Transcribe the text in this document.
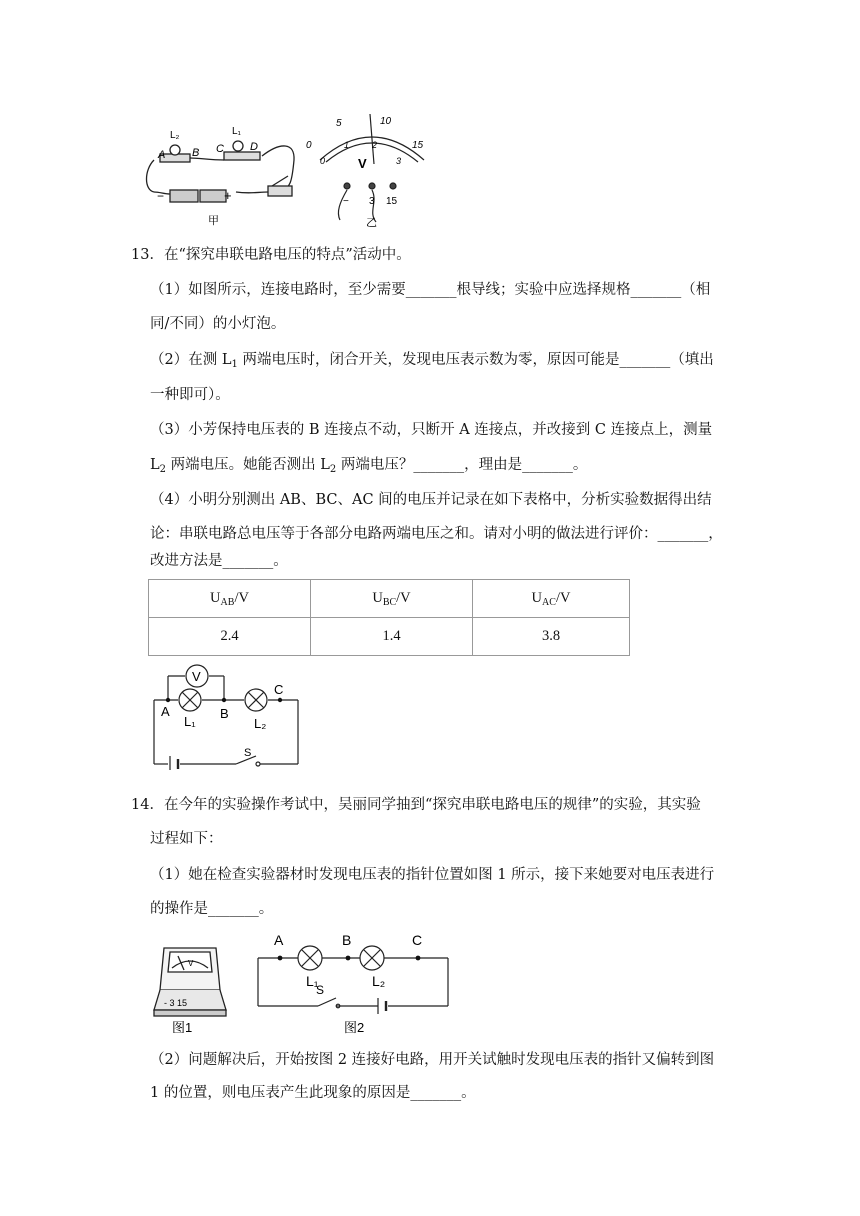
L₂	L₁
A B C D
−	+
甲
0
5	10
15
0
1	2
3
V
− 3 15
乙
13．在“探究串联电路电压的特点”活动中。
（1）如图所示，连接电路时，至少需要_______根导线；实验中应选择规格_______（相
同/不同）的小灯泡。
（2）在测 $L_1$ 两端电压时，闭合开关，发现电压表示数为零，原因可能是_______（填出
一种即可）。
（3）小芳保持电压表的 B 连接点不动，只断开 A 连接点，并改接到 C 连接点上，测量
$L_2$ 两端电压。她能否测出 $L_2$ 两端电压？_______，理由是_______。
（4）小明分别测出 AB、BC、AC 间的电压并记录在如下表格中，分析实验数据得出结
论：串联电路总电压等于各部分电路两端电压之和。请对小明的做法进行评价：_______，
改进方法是_______。
$U_{AB}/V$	$U_{BC}/V$	$U_{AC}/V$
2.4	1.4	3.8
V
A	B
C
L₁	L₂
S
14．在今年的实验操作考试中，吴丽同学抽到“探究串联电路电压的规律”的实验，其实验
过程如下：
（1）她在检查实验器材时发现电压表的指针位置如图 1 所示，接下来她要对电压表进行
的操作是_______。
V
- 3 15
图1
A	B	C
L₁	L₂
S
图2
（2）问题解决后，开始按图 2 连接好电路，用开关试触时发现电压表的指针又偏转到图
1 的位置，则电压表产生此现象的原因是_______。
